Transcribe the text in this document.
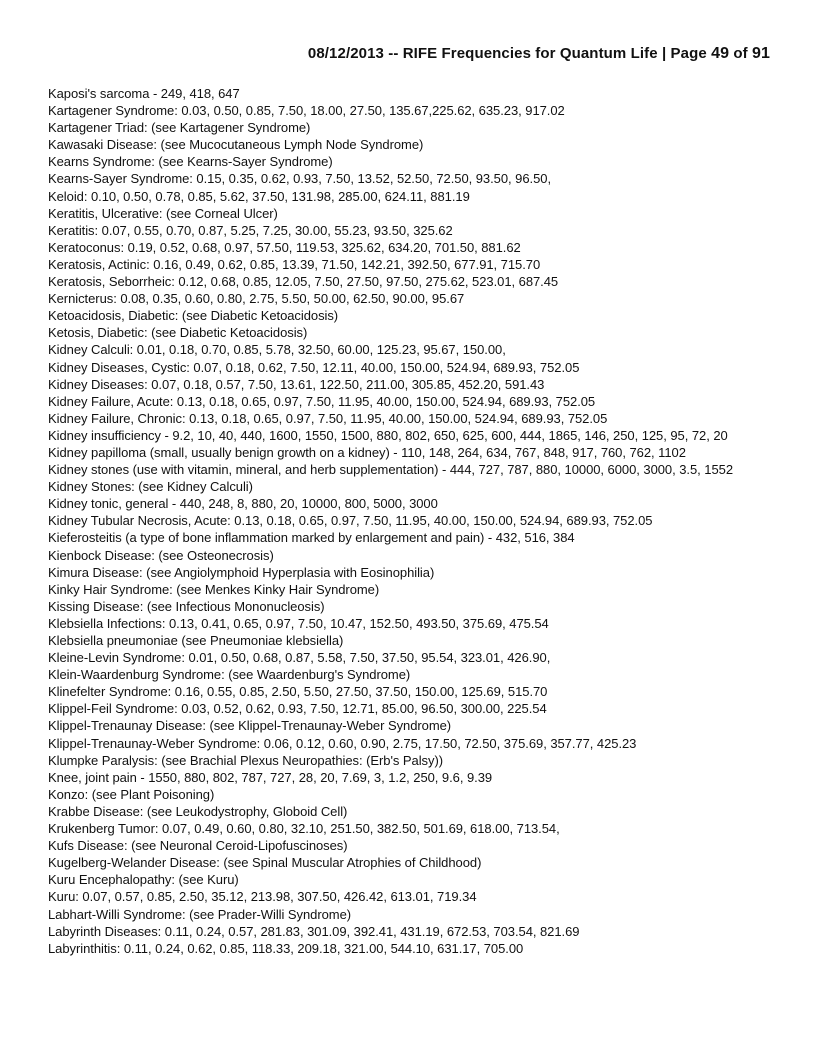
08/12/2013 -- RIFE Frequencies for Quantum Life | Page 49 of 91
Kaposi's sarcoma - 249, 418, 647
Kartagener Syndrome: 0.03, 0.50, 0.85, 7.50, 18.00, 27.50, 135.67,225.62, 635.23, 917.02
Kartagener Triad: (see Kartagener Syndrome)
Kawasaki Disease: (see Mucocutaneous Lymph Node Syndrome)
Kearns Syndrome: (see Kearns-Sayer Syndrome)
Kearns-Sayer Syndrome: 0.15, 0.35, 0.62, 0.93, 7.50, 13.52, 52.50, 72.50, 93.50, 96.50,
Keloid: 0.10, 0.50, 0.78, 0.85, 5.62, 37.50, 131.98, 285.00, 624.11, 881.19
Keratitis, Ulcerative: (see Corneal Ulcer)
Keratitis: 0.07, 0.55, 0.70, 0.87, 5.25, 7.25, 30.00, 55.23, 93.50, 325.62
Keratoconus: 0.19, 0.52, 0.68, 0.97, 57.50, 119.53, 325.62, 634.20, 701.50, 881.62
Keratosis, Actinic: 0.16, 0.49, 0.62, 0.85, 13.39, 71.50, 142.21, 392.50, 677.91, 715.70
Keratosis, Seborrheic: 0.12, 0.68, 0.85, 12.05, 7.50, 27.50, 97.50, 275.62, 523.01, 687.45
Kernicterus: 0.08, 0.35, 0.60, 0.80, 2.75, 5.50, 50.00, 62.50, 90.00, 95.67
Ketoacidosis, Diabetic: (see Diabetic Ketoacidosis)
Ketosis, Diabetic: (see Diabetic Ketoacidosis)
Kidney Calculi: 0.01, 0.18, 0.70, 0.85, 5.78, 32.50, 60.00, 125.23, 95.67, 150.00,
Kidney Diseases, Cystic: 0.07, 0.18, 0.62, 7.50, 12.11, 40.00, 150.00, 524.94, 689.93, 752.05
Kidney Diseases: 0.07, 0.18, 0.57, 7.50, 13.61, 122.50, 211.00, 305.85, 452.20, 591.43
Kidney Failure, Acute: 0.13, 0.18, 0.65, 0.97, 7.50, 11.95, 40.00, 150.00, 524.94, 689.93, 752.05
Kidney Failure, Chronic: 0.13, 0.18, 0.65, 0.97, 7.50, 11.95, 40.00, 150.00, 524.94, 689.93, 752.05
Kidney insufficiency - 9.2, 10, 40, 440, 1600, 1550, 1500, 880, 802, 650, 625, 600, 444, 1865, 146, 250, 125, 95, 72, 20
Kidney papilloma (small, usually benign growth on a kidney) - 110, 148, 264, 634, 767, 848, 917, 760, 762, 1102
Kidney stones (use with vitamin, mineral, and herb supplementation) - 444, 727, 787, 880, 10000, 6000, 3000, 3.5, 1552
Kidney Stones: (see Kidney Calculi)
Kidney tonic, general - 440, 248, 8, 880, 20, 10000, 800, 5000, 3000
Kidney Tubular Necrosis, Acute: 0.13, 0.18, 0.65, 0.97, 7.50, 11.95, 40.00, 150.00, 524.94, 689.93, 752.05
Kieferosteitis (a type of bone inflammation marked by enlargement and pain) - 432, 516, 384
Kienbock Disease: (see Osteonecrosis)
Kimura Disease: (see Angiolymphoid Hyperplasia with Eosinophilia)
Kinky Hair Syndrome: (see Menkes Kinky Hair Syndrome)
Kissing Disease: (see Infectious Mononucleosis)
Klebsiella Infections: 0.13, 0.41, 0.65, 0.97, 7.50, 10.47, 152.50, 493.50, 375.69, 475.54
Klebsiella pneumoniae (see Pneumoniae klebsiella)
Kleine-Levin Syndrome: 0.01, 0.50, 0.68, 0.87, 5.58, 7.50, 37.50, 95.54, 323.01, 426.90,
Klein-Waardenburg Syndrome: (see Waardenburg's Syndrome)
Klinefelter Syndrome: 0.16, 0.55, 0.85, 2.50, 5.50, 27.50, 37.50, 150.00, 125.69, 515.70
Klippel-Feil Syndrome: 0.03, 0.52, 0.62, 0.93, 7.50, 12.71, 85.00, 96.50, 300.00, 225.54
Klippel-Trenaunay Disease: (see Klippel-Trenaunay-Weber Syndrome)
Klippel-Trenaunay-Weber Syndrome: 0.06, 0.12, 0.60, 0.90, 2.75, 17.50, 72.50, 375.69, 357.77, 425.23
Klumpke Paralysis: (see Brachial Plexus Neuropathies: (Erb's Palsy))
Knee, joint pain - 1550, 880, 802, 787, 727, 28, 20, 7.69, 3, 1.2, 250, 9.6, 9.39
Konzo: (see Plant Poisoning)
Krabbe Disease: (see Leukodystrophy, Globoid Cell)
Krukenberg Tumor: 0.07, 0.49, 0.60, 0.80, 32.10, 251.50, 382.50, 501.69, 618.00, 713.54,
Kufs Disease: (see Neuronal Ceroid-Lipofuscinoses)
Kugelberg-Welander Disease: (see Spinal Muscular Atrophies of Childhood)
Kuru Encephalopathy: (see Kuru)
Kuru: 0.07, 0.57, 0.85, 2.50, 35.12, 213.98, 307.50, 426.42, 613.01, 719.34
Labhart-Willi Syndrome: (see Prader-Willi Syndrome)
Labyrinth Diseases: 0.11, 0.24, 0.57, 281.83, 301.09, 392.41, 431.19, 672.53, 703.54, 821.69
Labyrinthitis: 0.11, 0.24, 0.62, 0.85, 118.33, 209.18, 321.00, 544.10, 631.17, 705.00
